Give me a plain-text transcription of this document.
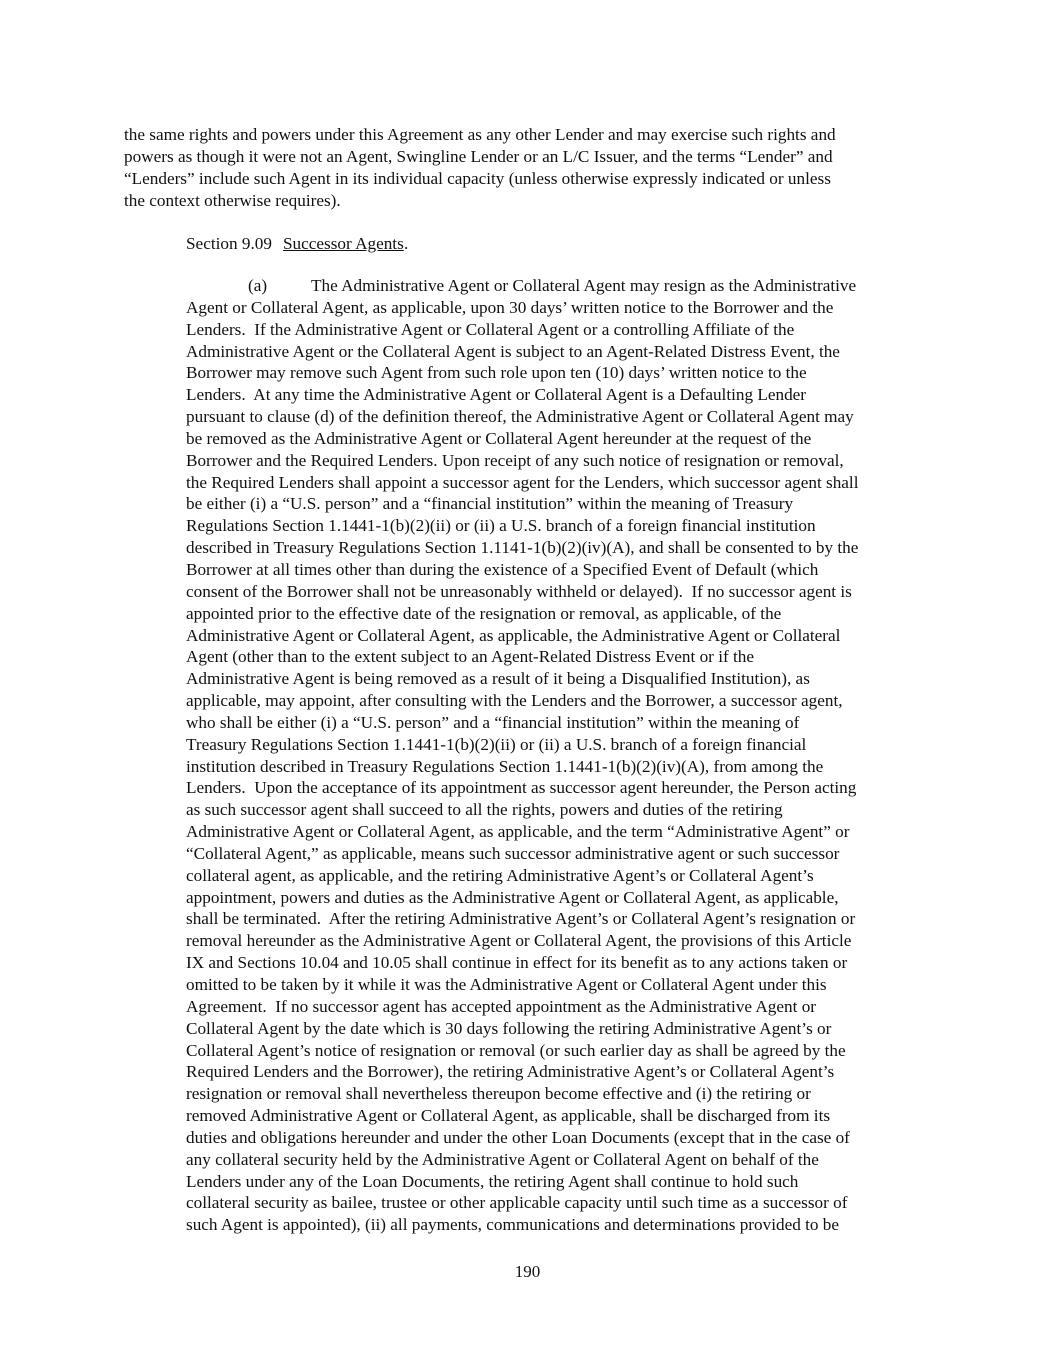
the same rights and powers under this Agreement as any other Lender and may exercise such rights and
powers as though it were not an Agent, Swingline Lender or an L/C Issuer, and the terms “Lender” and
“Lenders” include such Agent in its individual capacity (unless otherwise expressly indicated or unless
the context otherwise requires).

Section 9.09

Successor Agents

.

(a)

	The Administrative Agent or Collateral Agent may resign as the Administrative

Agent or Collateral Agent, as applicable, upon 30 days’ written notice to the Borrower and the
Lenders.  If the Administrative Agent or Collateral Agent or a controlling Affiliate of the
Administrative Agent or the Collateral Agent is subject to an Agent-Related Distress Event, the
Borrower may remove such Agent from such role upon ten (10) days’ written notice to the
Lenders.  At any time the Administrative Agent or Collateral Agent is a Defaulting Lender
pursuant to clause (d) of the definition thereof, the Administrative Agent or Collateral Agent may
be removed as the Administrative Agent or Collateral Agent hereunder at the request of the
Borrower and the Required Lenders. Upon receipt of any such notice of resignation or removal,
the Required Lenders shall appoint a successor agent for the Lenders, which successor agent shall
be either (i) a “U.S. person” and a “financial institution” within the meaning of Treasury
Regulations Section 1.1441-1(b)(2)(ii) or (ii) a U.S. branch of a foreign financial institution
described in Treasury Regulations Section 1.1141-1(b)(2)(iv)(A), and shall be consented to by the
Borrower at all times other than during the existence of a Specified Event of Default (which
consent of the Borrower shall not be unreasonably withheld or delayed).  If no successor agent is
appointed prior to the effective date of the resignation or removal, as applicable, of the
Administrative Agent or Collateral Agent, as applicable, the Administrative Agent or Collateral
Agent (other than to the extent subject to an Agent-Related Distress Event or if the
Administrative Agent is being removed as a result of it being a Disqualified Institution), as
applicable, may appoint, after consulting with the Lenders and the Borrower, a successor agent,
who shall be either (i) a “U.S. person” and a “financial institution” within the meaning of
Treasury Regulations Section 1.1441-1(b)(2)(ii) or (ii) a U.S. branch of a foreign financial
institution described in Treasury Regulations Section 1.1441-1(b)(2)(iv)(A), from among the
Lenders.  Upon the acceptance of its appointment as successor agent hereunder, the Person acting
as such successor agent shall succeed to all the rights, powers and duties of the retiring
Administrative Agent or Collateral Agent, as applicable, and the term “Administrative Agent” or
“Collateral Agent,” as applicable, means such successor administrative agent or such successor
collateral agent, as applicable, and the retiring Administrative Agent’s or Collateral Agent’s
appointment, powers and duties as the Administrative Agent or Collateral Agent, as applicable,
shall be terminated.  After the retiring Administrative Agent’s or Collateral Agent’s resignation or
removal hereunder as the Administrative Agent or Collateral Agent, the provisions of this Article
IX and Sections 10.04 and 10.05 shall continue in effect for its benefit as to any actions taken or
omitted to be taken by it while it was the Administrative Agent or Collateral Agent under this
Agreement.  If no successor agent has accepted appointment as the Administrative Agent or
Collateral Agent by the date which is 30 days following the retiring Administrative Agent’s or
Collateral Agent’s notice of resignation or removal (or such earlier day as shall be agreed by the
Required Lenders and the Borrower), the retiring Administrative Agent’s or Collateral Agent’s
resignation or removal shall nevertheless thereupon become effective and (i) the retiring or
removed Administrative Agent or Collateral Agent, as applicable, shall be discharged from its
duties and obligations hereunder and under the other Loan Documents (except that in the case of
any collateral security held by the Administrative Agent or Collateral Agent on behalf of the
Lenders under any of the Loan Documents, the retiring Agent shall continue to hold such
collateral security as bailee, trustee or other applicable capacity until such time as a successor of
such Agent is appointed), (ii) all payments, communications and determinations provided to be
190
